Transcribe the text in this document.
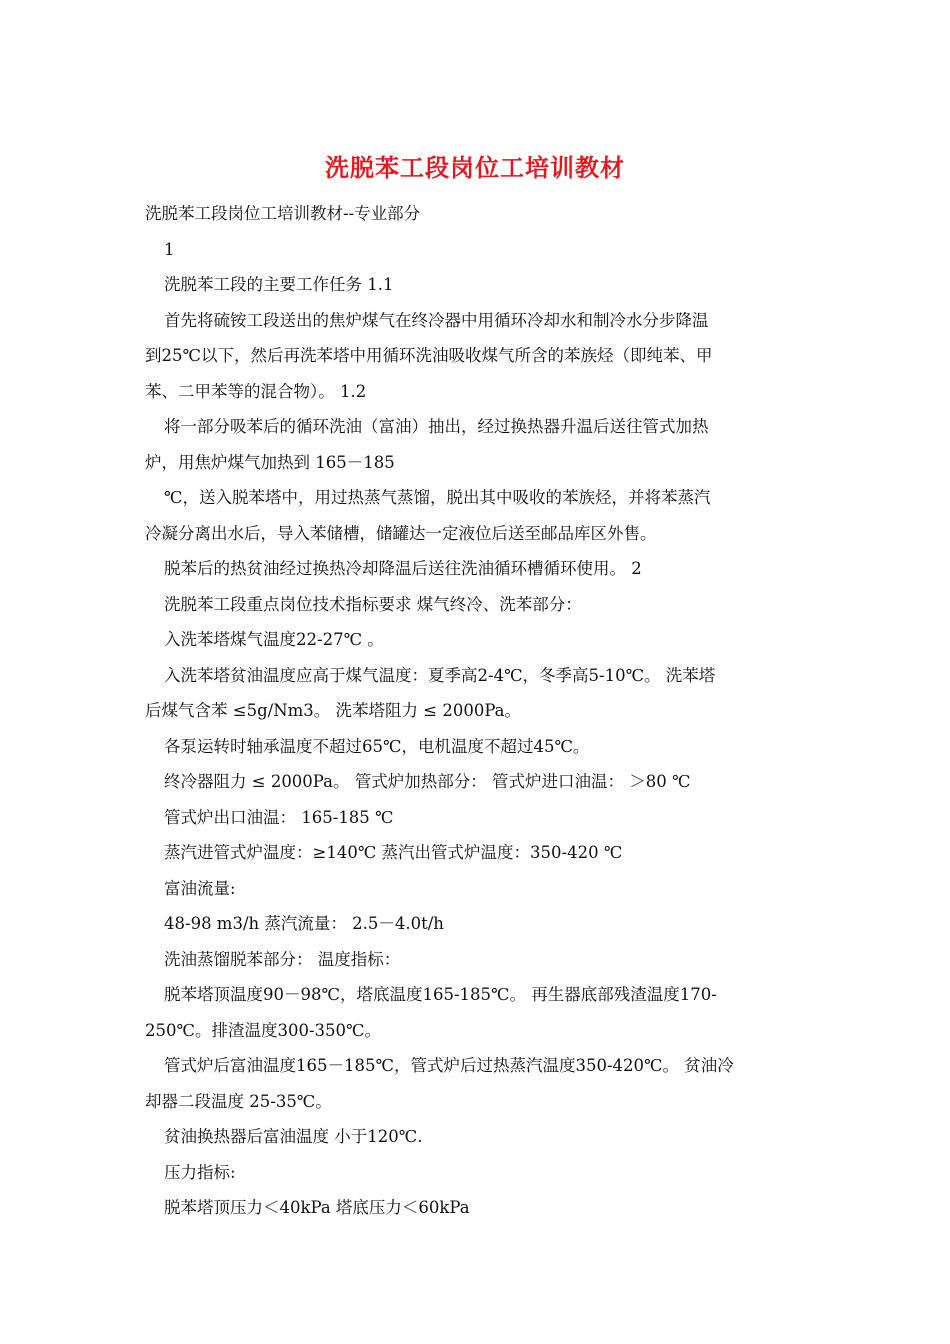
洗脱苯工段岗位工培训教材

洗脱苯工段岗位工培训教材--专业部分

1

洗脱苯工段的主要工作任务 1.1

首先将硫铵工段送出的焦炉煤气在终冷器中用循环冷却水和制冷水分步降温

到25℃以下，然后再洗苯塔中用循环洗油吸收煤气所含的苯族烃（即纯苯、甲

苯、二甲苯等的混合物）。 1.2

将一部分吸苯后的循环洗油（富油）抽出，经过换热器升温后送往管式加热

炉，用焦炉煤气加热到 165－185

℃，送入脱苯塔中，用过热蒸气蒸馏，脱出其中吸收的苯族烃，并将苯蒸汽

冷凝分离出水后，导入苯储槽，储罐达一定液位后送至邮品库区外售。

脱苯后的热贫油经过换热冷却降温后送往洗油循环槽循环使用。 2

洗脱苯工段重点岗位技术指标要求 煤气终冷、洗苯部分：

入洗苯塔煤气温度22-27℃ 。

入洗苯塔贫油温度应高于煤气温度：夏季高2-4℃，冬季高5-10℃。 洗苯塔

后煤气含苯 ≤5g/Nm3。 洗苯塔阻力 ≤ 2000Pa。

各泵运转时轴承温度不超过65℃，电机温度不超过45℃。

终冷器阻力 ≤ 2000Pa。 管式炉加热部分： 管式炉进口油温： ＞80 ℃

管式炉出口油温： 165-185 ℃

蒸汽进管式炉温度：≥140℃ 蒸汽出管式炉温度：350-420 ℃

富油流量:

48-98 m3/h 蒸汽流量： 2.5－4.0t/h

洗油蒸馏脱苯部分： 温度指标：

脱苯塔顶温度90－98℃，塔底温度165-185℃。 再生器底部残渣温度170-

250℃。排渣温度300-350℃。

管式炉后富油温度165－185℃，管式炉后过热蒸汽温度350-420℃。 贫油冷

却器二段温度 25-35℃。

贫油换热器后富油温度 小于120℃.

压力指标:

脱苯塔顶压力＜40kPa 塔底压力＜60kPa
